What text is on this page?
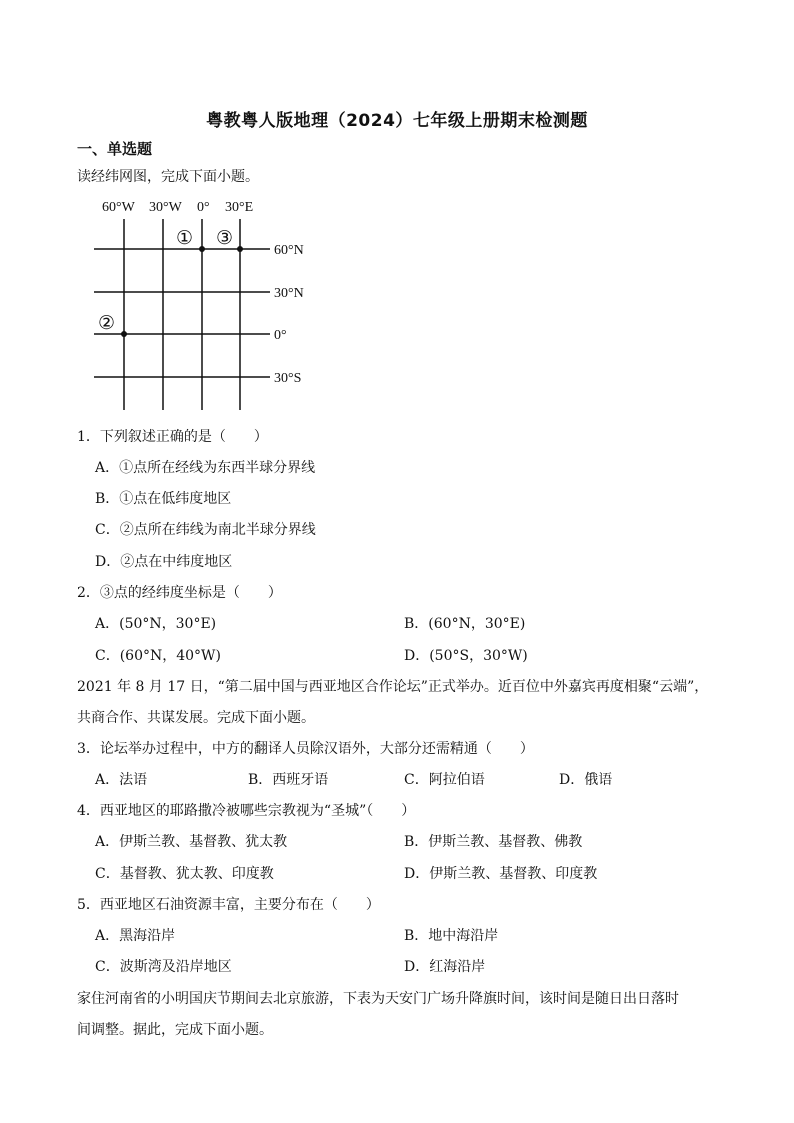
粤教粤人版地理（2024）七年级上册期末检测题
一、单选题
读经纬网图，完成下面小题。
60°W 30°W 0° 30°E
60°N
30°N
0°
30°S
① ③
②
1．下列叙述正确的是（　　）
A．①点所在经线为东西半球分界线
B．①点在低纬度地区
C．②点所在纬线为南北半球分界线
D．②点在中纬度地区
2．③点的经纬度坐标是（　　）
A．(50°N，30°E)	B．(60°N，30°E)
C．(60°N，40°W)	D．(50°S，30°W)
2021 年 8 月 17 日，“第二届中国与西亚地区合作论坛”正式举办。近百位中外嘉宾再度相聚“云端”，
共商合作、共谋发展。完成下面小题。
3．论坛举办过程中，中方的翻译人员除汉语外，大部分还需精通（　　）
A．法语	B．西班牙语	C．阿拉伯语	D．俄语
4．西亚地区的耶路撒冷被哪些宗教视为“圣城”（　　）
A．伊斯兰教、基督教、犹太教	B．伊斯兰教、基督教、佛教
C．基督教、犹太教、印度教	D．伊斯兰教、基督教、印度教
5．西亚地区石油资源丰富，主要分布在（　　）
A．黑海沿岸	B．地中海沿岸
C．波斯湾及沿岸地区	D．红海沿岸
家住河南省的小明国庆节期间去北京旅游，下表为天安门广场升降旗时间，该时间是随日出日落时
间调整。据此，完成下面小题。
